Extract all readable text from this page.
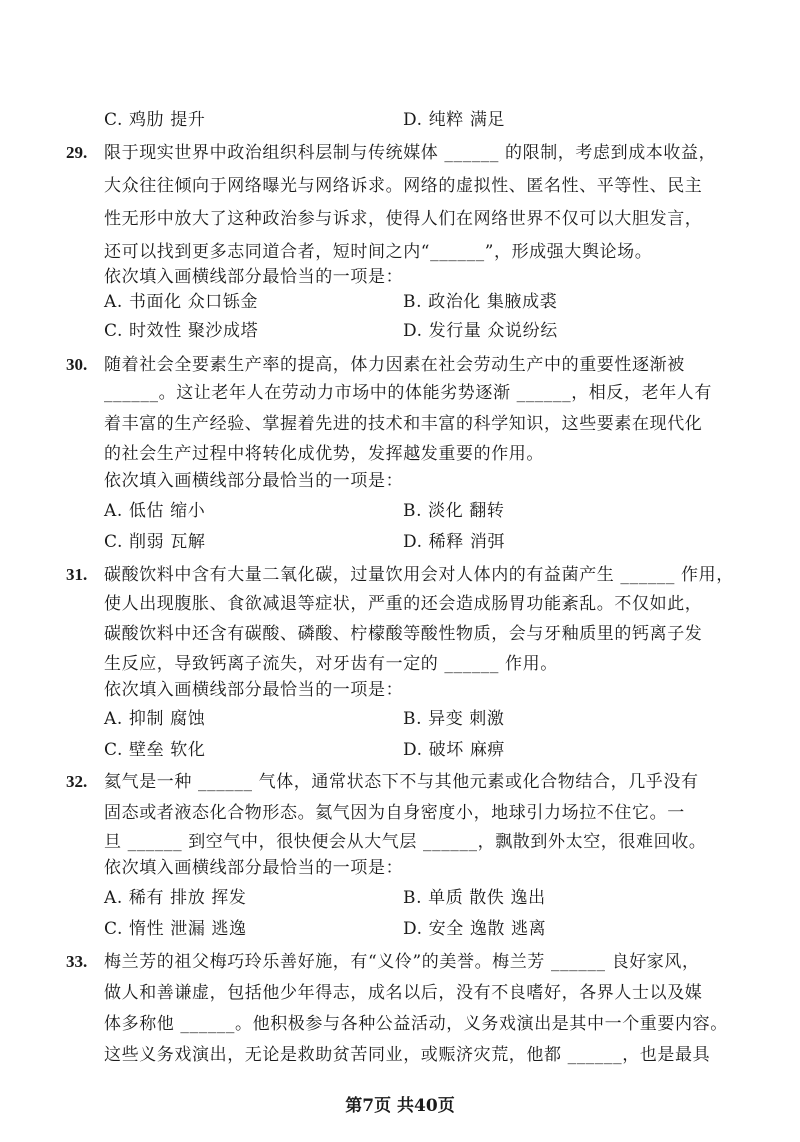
C. 鸡肋 提升	D. 纯粹 满足
29. 限于现实世界中政治组织科层制与传统媒体 ______ 的限制，考虑到成本收益，
大众往往倾向于网络曝光与网络诉求。网络的虚拟性、匿名性、平等性、民主
性无形中放大了这种政治参与诉求，使得人们在网络世界不仅可以大胆发言，
还可以找到更多志同道合者，短时间之内“______”，形成强大舆论场。
依次填入画横线部分最恰当的一项是：
A. 书面化 众口铄金	B. 政治化 集腋成裘
C. 时效性 聚沙成塔	D. 发行量 众说纷纭
30. 随着社会全要素生产率的提高，体力因素在社会劳动生产中的重要性逐渐被
______。这让老年人在劳动力市场中的体能劣势逐渐 ______，相反，老年人有
着丰富的生产经验、掌握着先进的技术和丰富的科学知识，这些要素在现代化
的社会生产过程中将转化成优势，发挥越发重要的作用。
依次填入画横线部分最恰当的一项是：
A. 低估 缩小	B. 淡化 翻转
C. 削弱 瓦解	D. 稀释 消弭
31. 碳酸饮料中含有大量二氧化碳，过量饮用会对人体内的有益菌产生 ______ 作用，
使人出现腹胀、食欲减退等症状，严重的还会造成肠胃功能紊乱。不仅如此，
碳酸饮料中还含有碳酸、磷酸、柠檬酸等酸性物质，会与牙釉质里的钙离子发
生反应，导致钙离子流失，对牙齿有一定的 ______ 作用。
依次填入画横线部分最恰当的一项是：
A. 抑制 腐蚀	B. 异变 刺激
C. 壁垒 软化	D. 破坏 麻痹
32. 氦气是一种 ______ 气体，通常状态下不与其他元素或化合物结合，几乎没有
固态或者液态化合物形态。氦气因为自身密度小，地球引力场拉不住它。一
旦 ______ 到空气中，很快便会从大气层 ______，飘散到外太空，很难回收。
依次填入画横线部分最恰当的一项是：
A. 稀有 排放 挥发	B. 单质 散佚 逸出
C. 惰性 泄漏 逃逸	D. 安全 逸散 逃离
33. 梅兰芳的祖父梅巧玲乐善好施，有“义伶”的美誉。梅兰芳 ______ 良好家风，
做人和善谦虚，包括他少年得志，成名以后，没有不良嗜好，各界人士以及媒
体多称他 ______。他积极参与各种公益活动，义务戏演出是其中一个重要内容。
这些义务戏演出，无论是救助贫苦同业，或赈济灾荒，他都 ______，也是最具
第7页 共40页
